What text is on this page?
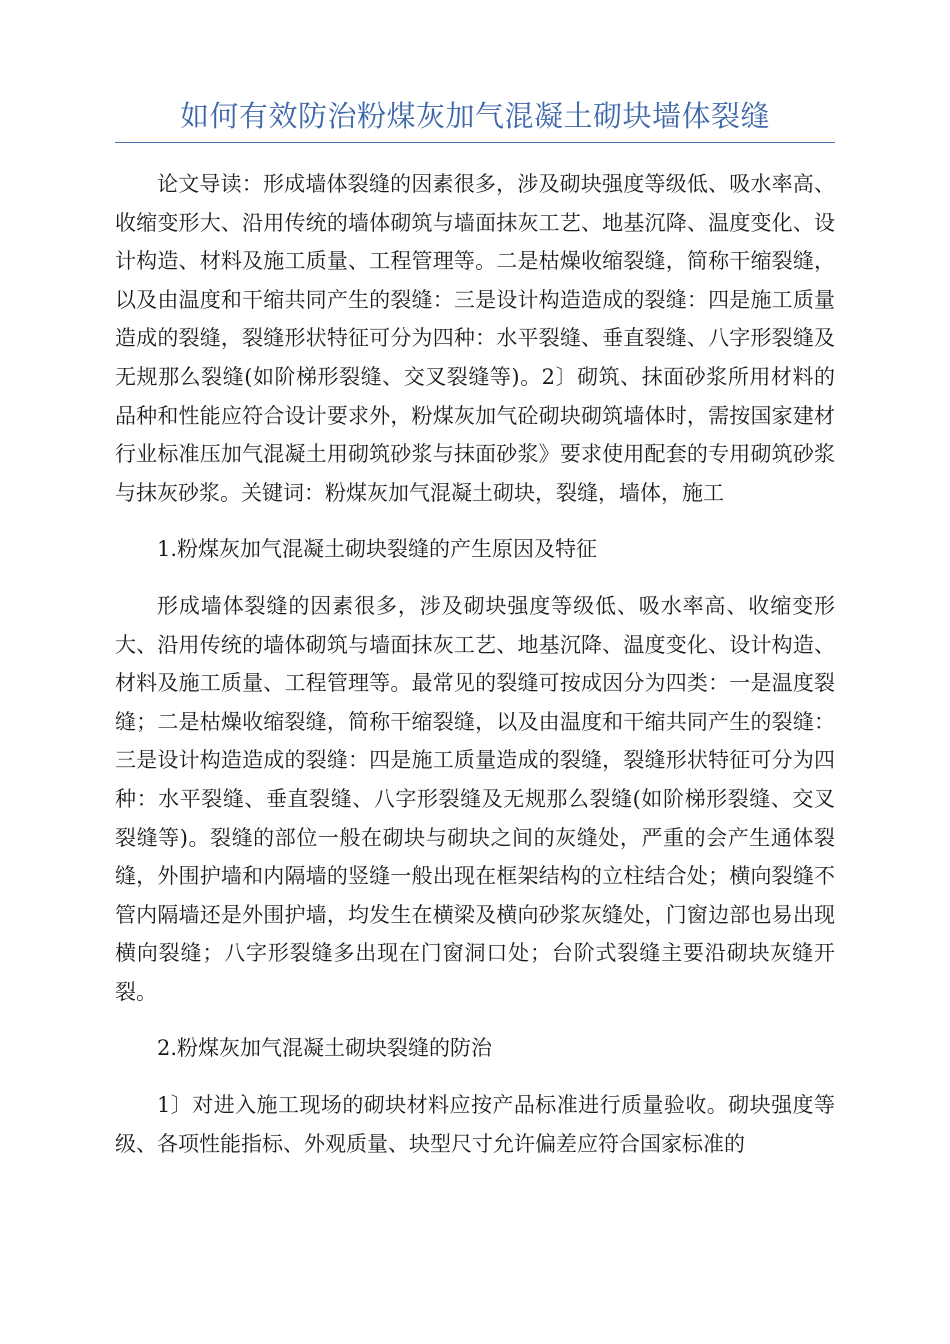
如何有效防治粉煤灰加气混凝土砌块墙体裂缝

论文导读：形成墙体裂缝的因素很多，涉及砌块强度等级低、吸水率高、收缩变形大、沿用传统的墙体砌筑与墙面抹灰工艺、地基沉降、温度变化、设计构造、材料及施工质量、工程管理等。二是枯燥收缩裂缝，简称干缩裂缝，以及由温度和干缩共同产生的裂缝：三是设计构造造成的裂缝：四是施工质量造成的裂缝，裂缝形状特征可分为四种：水平裂缝、垂直裂缝、八字形裂缝及无规那么裂缝(如阶梯形裂缝、交叉裂缝等)。2〕砌筑、抹面砂浆所用材料的品种和性能应符合设计要求外，粉煤灰加气砼砌块砌筑墙体时，需按国家建材行业标准压加气混凝土用砌筑砂浆与抹面砂浆》要求使用配套的专用砌筑砂浆与抹灰砂浆。关键词：粉煤灰加气混凝土砌块，裂缝，墙体，施工

1.粉煤灰加气混凝土砌块裂缝的产生原因及特征

形成墙体裂缝的因素很多，涉及砌块强度等级低、吸水率高、收缩变形大、沿用传统的墙体砌筑与墙面抹灰工艺、地基沉降、温度变化、设计构造、材料及施工质量、工程管理等。最常见的裂缝可按成因分为四类：一是温度裂缝；二是枯燥收缩裂缝，简称干缩裂缝，以及由温度和干缩共同产生的裂缝：三是设计构造造成的裂缝：四是施工质量造成的裂缝，裂缝形状特征可分为四种：水平裂缝、垂直裂缝、八字形裂缝及无规那么裂缝(如阶梯形裂缝、交叉裂缝等)。裂缝的部位一般在砌块与砌块之间的灰缝处，严重的会产生通体裂缝，外围护墙和内隔墙的竖缝一般出现在框架结构的立柱结合处；横向裂缝不管内隔墙还是外围护墙，均发生在横梁及横向砂浆灰缝处，门窗边部也易出现横向裂缝；八字形裂缝多出现在门窗洞口处；台阶式裂缝主要沿砌块灰缝开裂。

2.粉煤灰加气混凝土砌块裂缝的防治

1〕对进入施工现场的砌块材料应按产品标准进行质量验收。砌块强度等级、各项性能指标、外观质量、块型尺寸允许偏差应符合国家标准的
